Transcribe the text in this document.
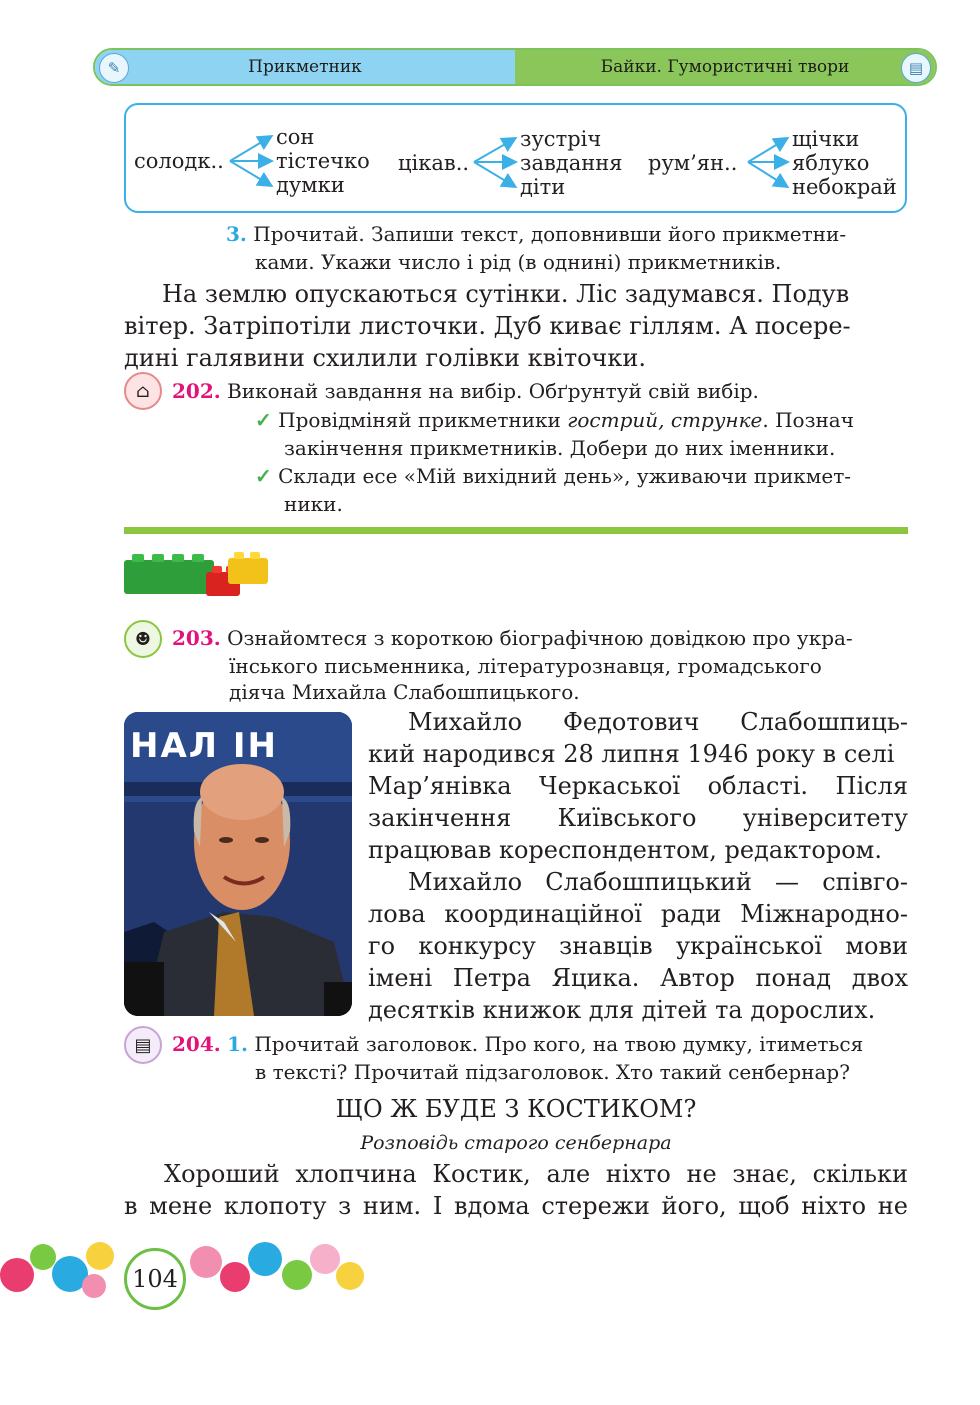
✎	Прикметник	Байки. Гумористичні твори	▤
солодк..
сон
тістечко
думки
цікав..
зустріч
завдання
діти
рум’ян..
щічки
яблуко
небокрай
3. Прочитай. Запиши текст, доповнивши його прикметни-
ками. Укажи число і рід (в однині) прикметників.
На землю опускаються сутінки. Ліс задумався. Подув
вітер. Затріпотіли листочки. Дуб киває гіллям. А посере-
дині галявини схилили голівки квіточки.
⌂	202. Виконай завдання на вибір. Обґрунтуй свій вибір.
✓ Провідміняй прикметники гострий, струнке. Познач
закінчення прикметників. Добери до них іменники.
✓ Склади есе «Мій вихідний день», уживаючи прикмет-
ники.
☻	203. Ознайомтеся з короткою біографічною довідкою про укра-
їнського письменника, літературознавця, громадського
діяча Михайла Слабошпицького.
НАЛ ІН
Михайло Федотович Слабошпиць-
кий народився 28 липня 1946 року в селі
Мар’янівка Черкаської області. Після
закінчення Київського університету
працював кореспондентом, редактором.
Михайло Слабошпицький — співго-
лова координаційної ради Міжнародно-
го конкурсу знавців української мови
імені Петра Яцика. Автор понад двох
десятків книжок для дітей та дорослих.
▤	204. 1. Прочитай заголовок. Про кого, на твою думку, ітиметься
в тексті? Прочитай підзаголовок. Хто такий сенбернар?
ЩО Ж БУДЕ З КОСТИКОМ?
Розповідь старого сенбернара
Хороший хлопчина Костик, але ніхто не знає, скільки
в мене клопоту з ним. І вдома стережи його, щоб ніхто не
104
